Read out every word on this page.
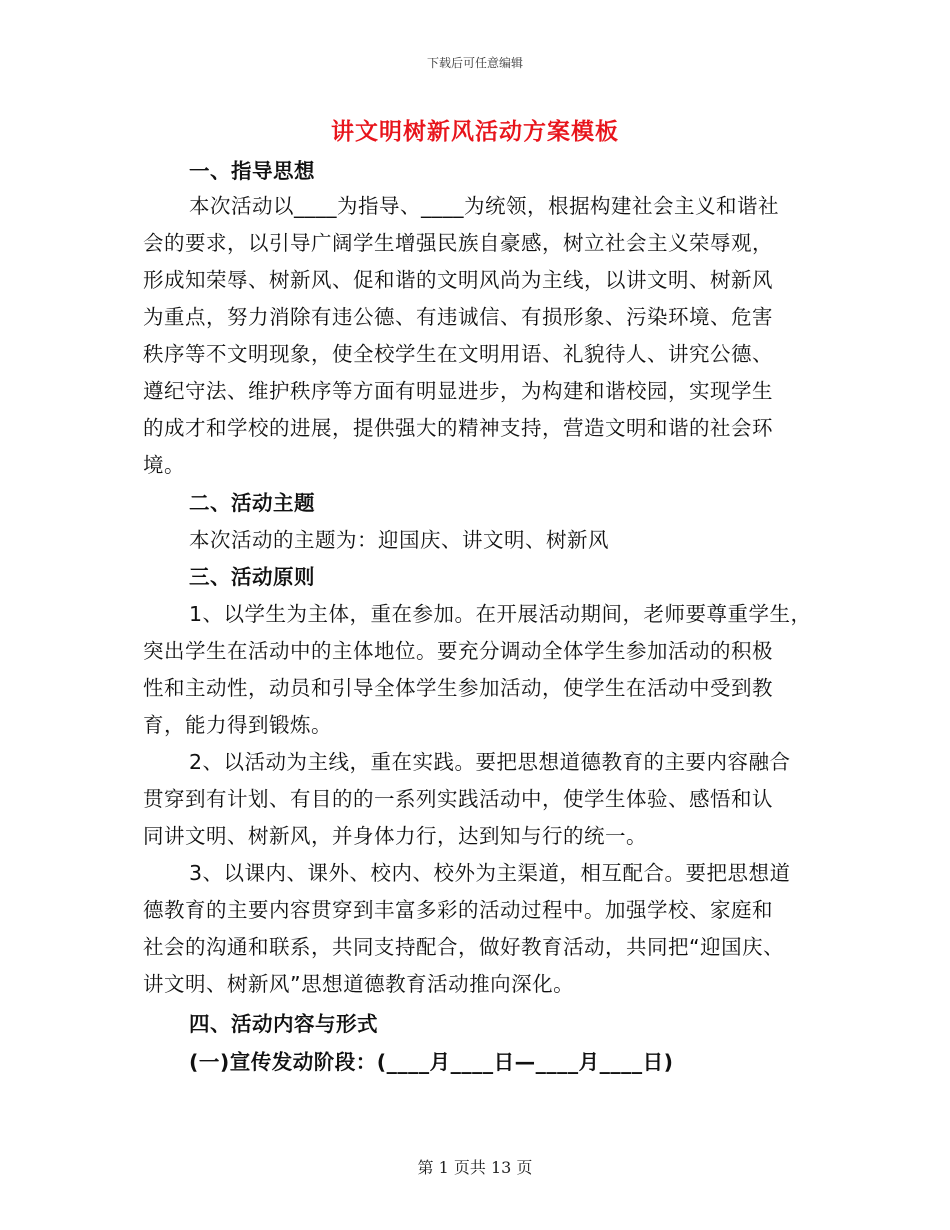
下载后可任意编辑
讲文明树新风活动方案模板
一、指导思想
本次活动以____为指导、____为统领，根据构建社会主义和谐社
会的要求，以引导广阔学生增强民族自豪感，树立社会主义荣辱观，
形成知荣辱、树新风、促和谐的文明风尚为主线，以讲文明、树新风
为重点，努力消除有违公德、有违诚信、有损形象、污染环境、危害
秩序等不文明现象，使全校学生在文明用语、礼貌待人、讲究公德、
遵纪守法、维护秩序等方面有明显进步，为构建和谐校园，实现学生
的成才和学校的进展，提供强大的精神支持，营造文明和谐的社会环
境。
二、活动主题
本次活动的主题为：迎国庆、讲文明、树新风
三、活动原则
1、以学生为主体，重在参加。在开展活动期间，老师要尊重学生，
突出学生在活动中的主体地位。要充分调动全体学生参加活动的积极
性和主动性，动员和引导全体学生参加活动，使学生在活动中受到教
育，能力得到锻炼。
2、以活动为主线，重在实践。要把思想道德教育的主要内容融合
贯穿到有计划、有目的的一系列实践活动中，使学生体验、感悟和认
同讲文明、树新风，并身体力行，达到知与行的统一。
3、以课内、课外、校内、校外为主渠道，相互配合。要把思想道
德教育的主要内容贯穿到丰富多彩的活动过程中。加强学校、家庭和
社会的沟通和联系，共同支持配合，做好教育活动，共同把“迎国庆、
讲文明、树新风”思想道德教育活动推向深化。
四、活动内容与形式
(一)宣传发动阶段：(____月____日—____月____日)
第 1 页共 13 页
